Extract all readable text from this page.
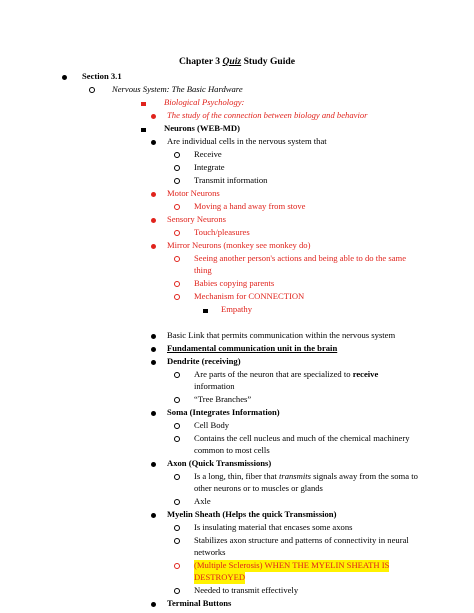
Chapter 3 Quiz Study Guide
Section 3.1
Nervous System: The Basic Hardware
Biological Psychology:
The study of the connection between biology and behavior
Neurons (WEB-MD)
Are individual cells in the nervous system that
Receive
Integrate
Transmit information
Motor Neurons
Moving a hand away from stove
Sensory Neurons
Touch/pleasures
Mirror Neurons (monkey see monkey do)
Seeing another person's actions and being able to do the same
thing
Babies copying parents
Mechanism for CONNECTION
Empathy
Basic Link that permits communication within the nervous system
Fundamental communication unit in the brain
Dendrite (receiving)
Are parts of the neuron that are specialized to receive
information
“Tree Branches”
Soma (Integrates Information)
Cell Body
Contains the cell nucleus and much of the chemical machinery
common to most cells
Axon (Quick Transmissions)
Is a long, thin, fiber that transmits signals away from the soma to
other neurons or to muscles or glands
Axle
Myelin Sheath (Helps the quick Transmission)
Is insulating material that encases some axons
Stabilizes axon structure and patterns of connectivity in neural
networks
(Multiple Sclerosis) WHEN THE MYELIN SHEATH IS
DESTROYED
Needed to transmit effectively
Terminal Buttons
